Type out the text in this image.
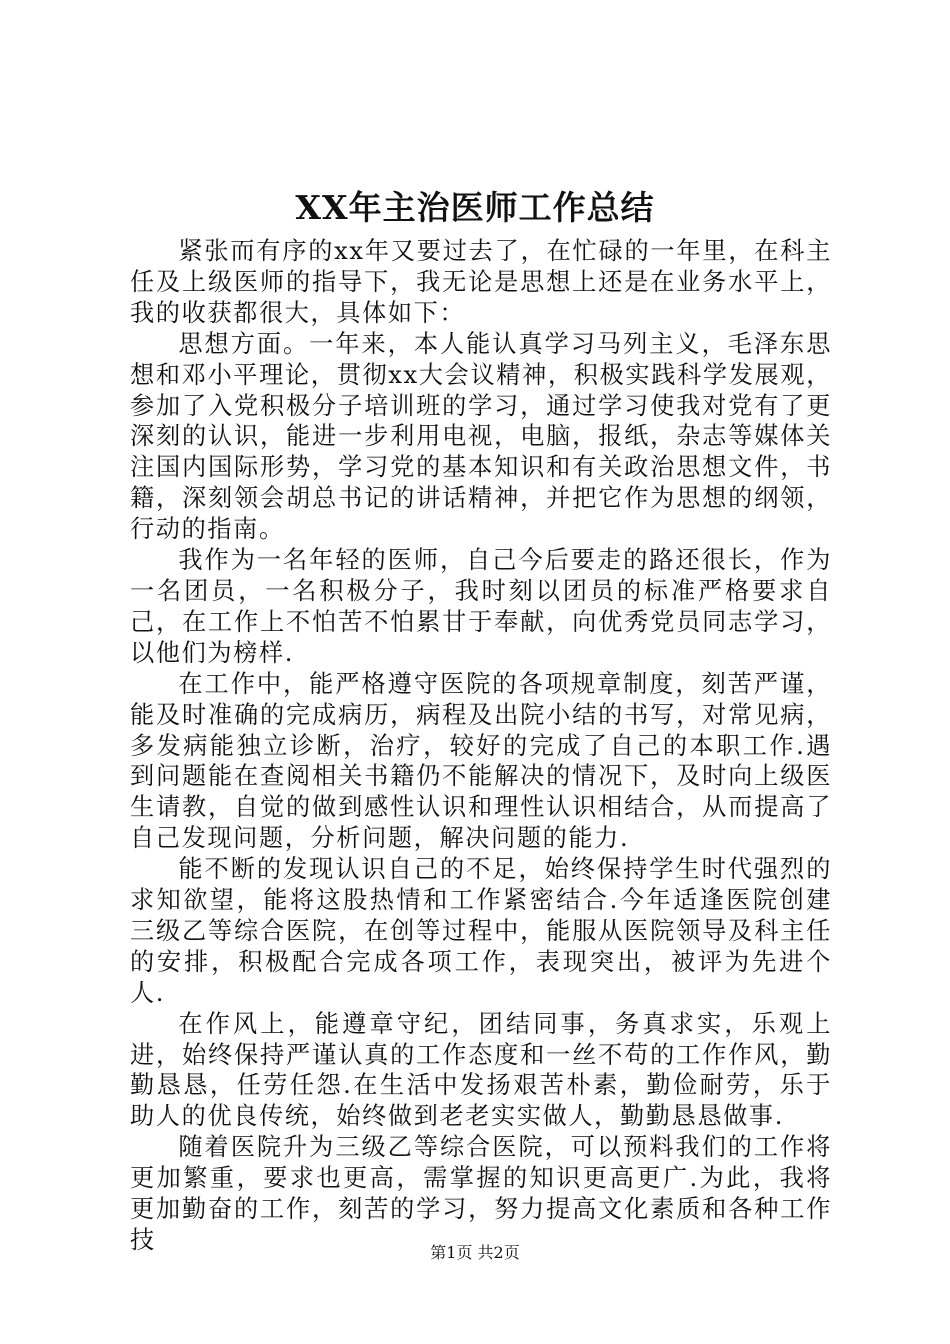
XX年主治医师工作总结

紧张而有序的xx年又要过去了，在忙碌的一年里，在科主任及上级医师的指导下，我无论是思想上还是在业务水平上，我的收获都很大，具体如下：

思想方面。一年来，本人能认真学习马列主义，毛泽东思想和邓小平理论，贯彻xx大会议精神，积极实践科学发展观，参加了入党积极分子培训班的学习，通过学习使我对党有了更深刻的认识，能进一步利用电视，电脑，报纸，杂志等媒体关注国内国际形势，学习党的基本知识和有关政治思想文件，书籍，深刻领会胡总书记的讲话精神，并把它作为思想的纲领，行动的指南。

我作为一名年轻的医师，自己今后要走的路还很长，作为一名团员，一名积极分子，我时刻以团员的标准严格要求自己，在工作上不怕苦不怕累甘于奉献，向优秀党员同志学习，以他们为榜样.

在工作中，能严格遵守医院的各项规章制度，刻苦严谨，能及时准确的完成病历，病程及出院小结的书写，对常见病，多发病能独立诊断，治疗，较好的完成了自己的本职工作.遇到问题能在查阅相关书籍仍不能解决的情况下，及时向上级医生请教，自觉的做到感性认识和理性认识相结合，从而提高了自己发现问题，分析问题，解决问题的能力.

能不断的发现认识自己的不足，始终保持学生时代强烈的求知欲望，能将这股热情和工作紧密结合.今年适逢医院创建三级乙等综合医院，在创等过程中，能服从医院领导及科主任的安排，积极配合完成各项工作，表现突出，被评为先进个人.

在作风上，能遵章守纪，团结同事，务真求实，乐观上进，始终保持严谨认真的工作态度和一丝不苟的工作作风，勤勤恳恳，任劳任怨.在生活中发扬艰苦朴素，勤俭耐劳，乐于助人的优良传统，始终做到老老实实做人，勤勤恳恳做事.

随着医院升为三级乙等综合医院，可以预料我们的工作将更加繁重，要求也更高，需掌握的知识更高更广.为此，我将更加勤奋的工作，刻苦的学习，努力提高文化素质和各种工作技	第1页 共2页
